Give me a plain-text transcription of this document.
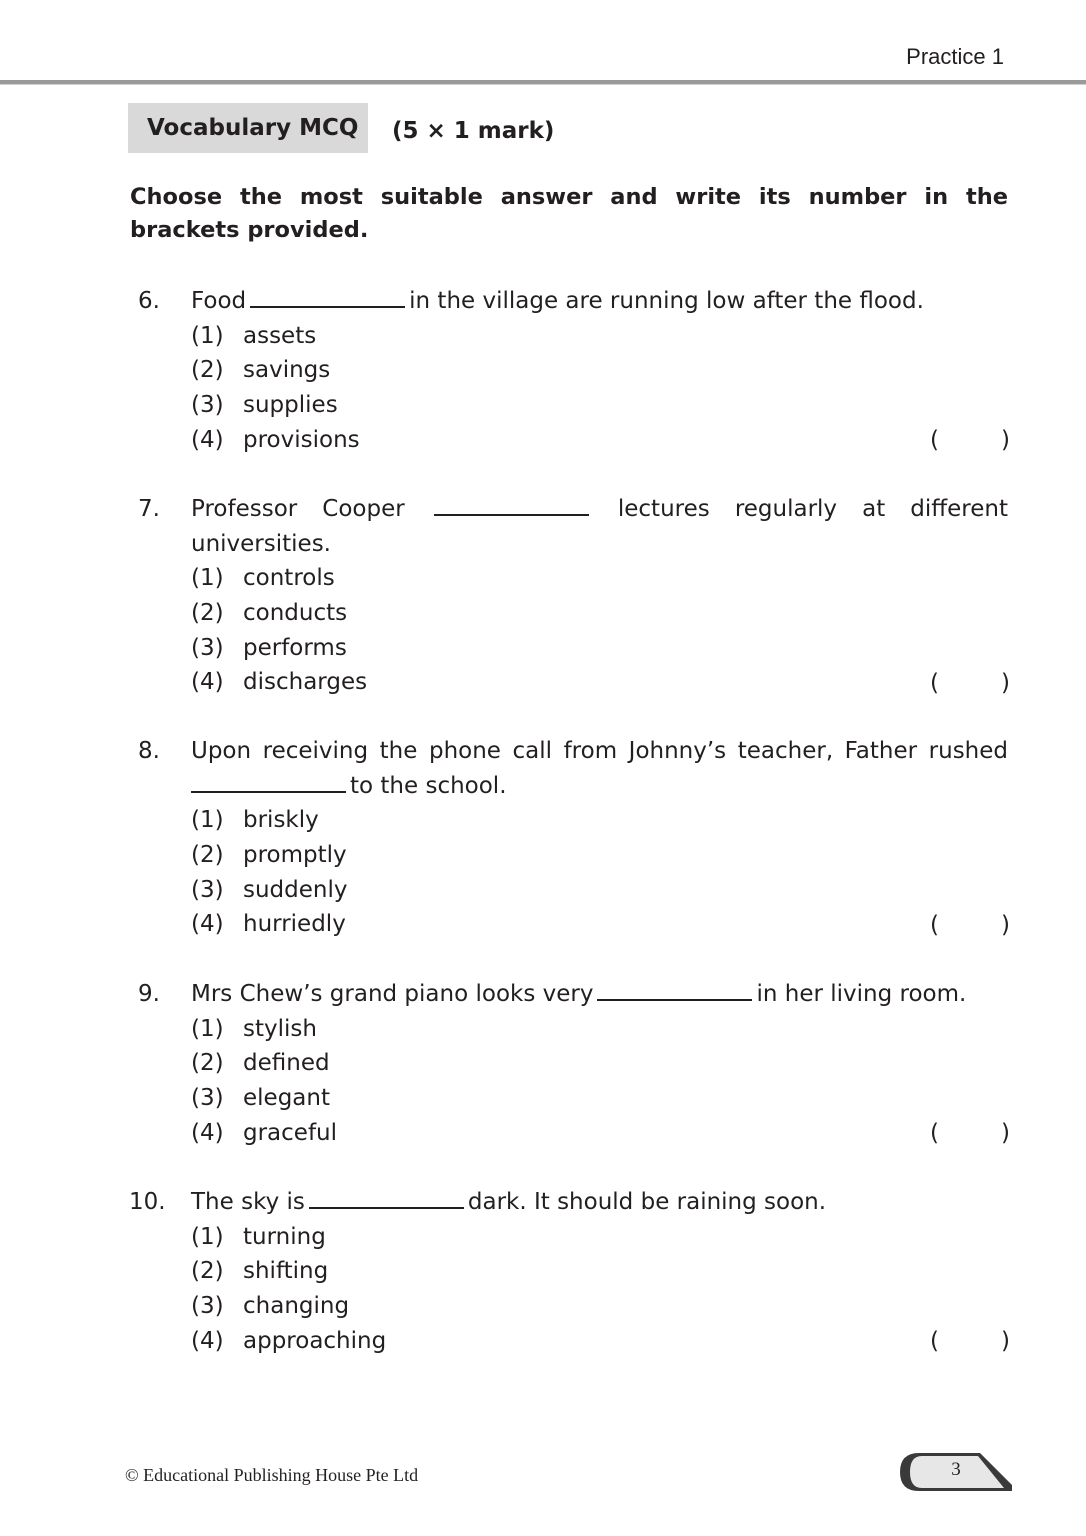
Practice 1
Vocabulary MCQ	(5 × 1 mark)

Choose the most suitable answer and write its number in the brackets provided.

6. Food	in the village are running low after the flood.

(1) assets
(2) savings
(3) supplies
(4) provisions	(	)
7. Professor Cooper	lectures regularly at different universities.

(1) controls
(2) conducts
(3) performs
(4) discharges	(	)
8. Upon receiving the phone call from Johnny’s teacher, Father rushed to the school.

(1) briskly
(2) promptly
(3) suddenly
(4) hurriedly	(	)
9. Mrs Chew’s grand piano looks very	in her living room.

(1) stylish
(2) defined
(3) elegant
(4) graceful	(	)
10. The sky is	dark. It should be raining soon.

(1) turning
(2) shifting
(3) changing
(4) approaching	(	)
© Educational Publishing House Pte Ltd	3
